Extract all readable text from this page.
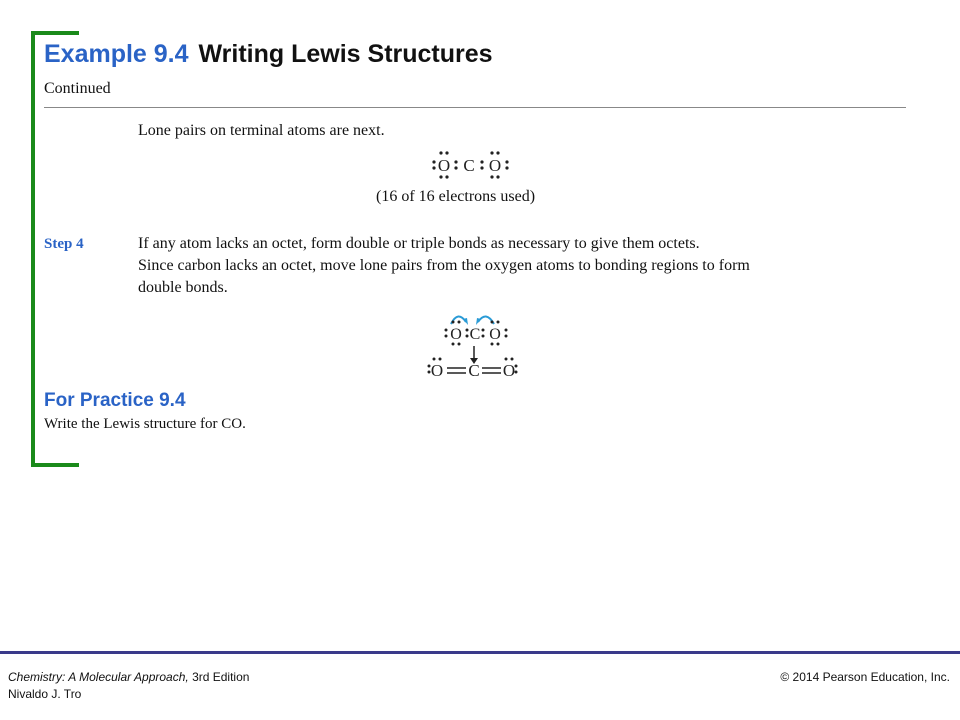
Example 9.4 Writing Lewis Structures
Continued
Lone pairs on terminal atoms are next.
O C O
(16 of 16 electrons used)
Step 4	If any atom lacks an octet, form double or triple bonds as necessary to give them octets.
Since carbon lacks an octet, move lone pairs from the oxygen atoms to bonding regions to form
double bonds.
O C O
O C O
For Practice 9.4
Write the Lewis structure for CO.
Chemistry: A Molecular Approach, 3rd Edition
Nivaldo J. Tro
© 2014 Pearson Education, Inc.
